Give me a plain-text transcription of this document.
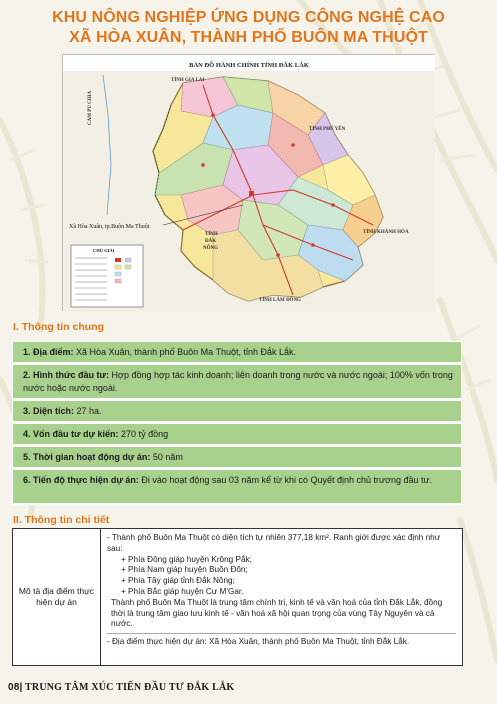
KHU NÔNG NGHIỆP ỨNG DỤNG CÔNG NGHỆ CAO
XÃ HÒA XUÂN, THÀNH PHỐ BUÔN MA THUỘT
BẢN ĐỒ HÀNH CHÍNH TỈNH ĐẮK LẮK
Xã Hòa Xuân, tp.Buôn Ma Thuột
TỈNH GIA LAI
TỈNH PHÚ YÊN
TỈNH KHÁNH HÒA
TỈNH LÂM ĐỒNG
TỈNH
ĐẮK
NÔNG
CAM PU CHIA
CHÚ GIẢI
I. Thông tin chung
1. Địa điểm: Xã Hòa Xuân, thành phố Buôn Ma Thuột, tỉnh Đắk Lắk.
2. Hình thức đầu tư: Hợp đồng hợp tác kinh doanh; liên doanh trong nước và nước ngoài; 100% vốn trong nước hoặc nước ngoài.
3. Diện tích: 27 ha.
4. Vốn đầu tư dự kiến: 270 tỷ đồng
5. Thời gian hoạt động dự án: 50 năm
6. Tiến độ thực hiện dự án: Đi vào hoạt động sau 03 năm kể từ khi có Quyết định chủ trương đầu tư.
II. Thông tin chi tiết
Mô tả địa điểm thực hiện dự án

- Thành phố Buôn Ma Thuột có diện tích tự nhiên 377,18 km². Ranh giới được xác định như sau:

+ Phía Đông giáp huyện Krông Pắk;

+ Phía Nam giáp huyện Buôn Đôn;

+ Phía Tây giáp tỉnh Đắk Nông;

+ Phía Bắc giáp huyện Cư M'Gar.

Thành phố Buôn Ma Thuột là trung tâm chính trị, kinh tế và văn hoá của tỉnh Đắk Lắk, đồng thời là trung tâm giao lưu kinh tế - văn hoá xã hội quan trọng của vùng Tây Nguyên và cả nước.

- Địa điểm thực hiện dự án: Xã Hòa Xuân, thành phố Buôn Ma Thuột, tỉnh Đắk Lắk.

08| TRUNG TÂM XÚC TIẾN ĐẦU TƯ ĐẮK LẮK
